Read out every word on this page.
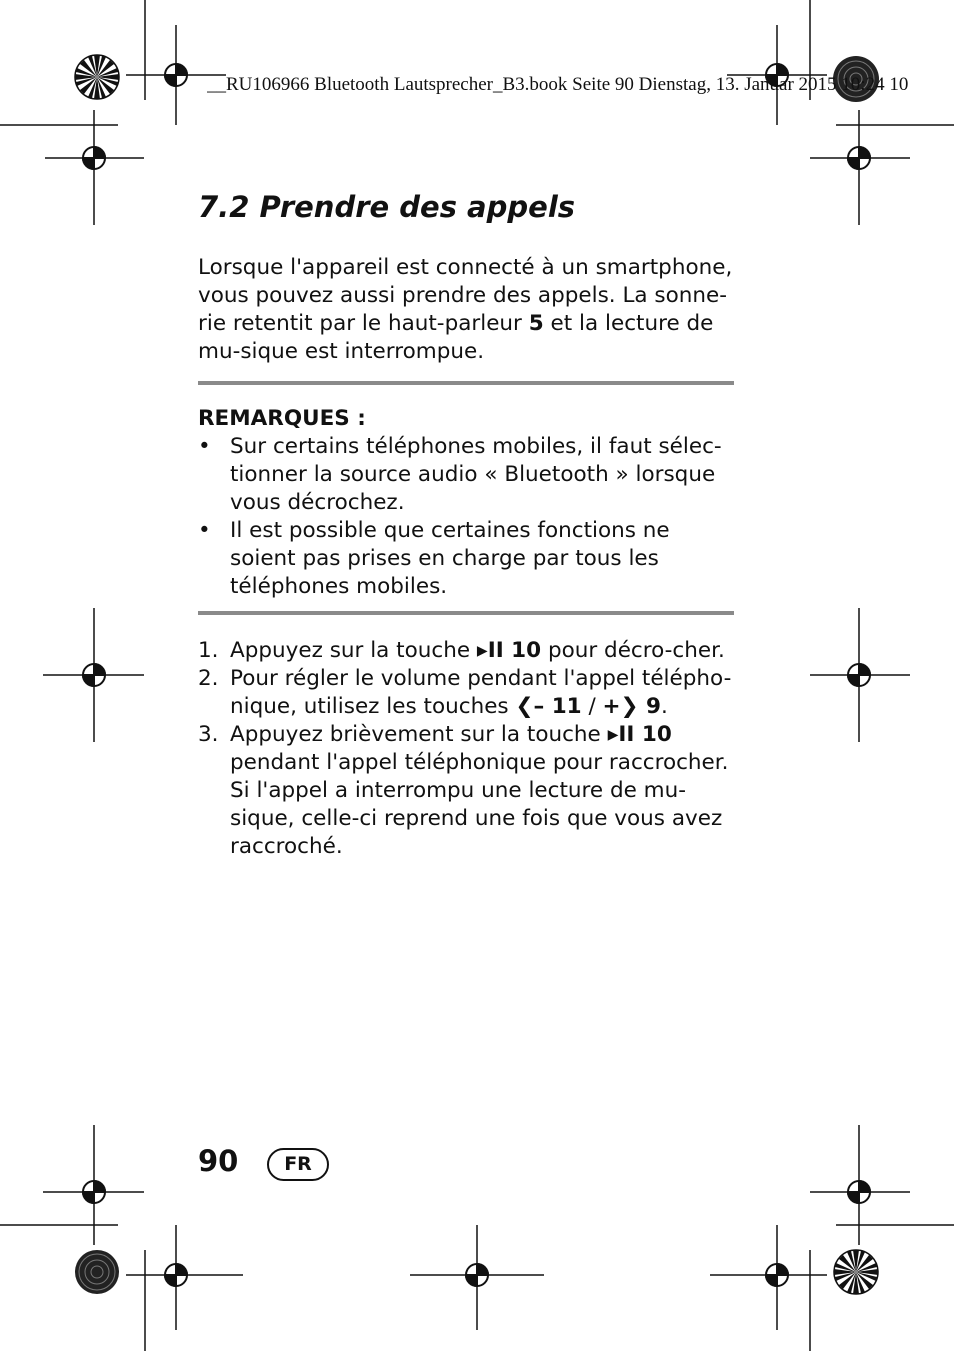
__RU106966 Bluetooth Lautsprecher_B3.book Seite 90 Dienstag, 13. Januar 2015 10:24 10
7.2 Prendre des appels

Lorsque l'appareil est connecté à un smartphone, vous pouvez aussi prendre des appels. La sonne-rie retentit par le haut-parleur 5 et la lecture de mu-sique est interrompue.

REMARQUES :
• Sur certains téléphones mobiles, il faut sélec-tionner la source audio « Bluetooth » lorsque vous décrochez.
• Il est possible que certaines fonctions ne soient pas prises en charge par tous les téléphones mobiles.
1. Appuyez sur la touche ▸II 10 pour décro-cher.
2. Pour régler le volume pendant l'appel télépho-nique, utilisez les touches ❮– 11 / +❯ 9.
3. Appuyez brièvement sur la touche ▸II 10 pendant l'appel téléphonique pour raccrocher. Si l'appel a interrompu une lecture de mu-sique, celle-ci reprend une fois que vous avez raccroché.
90	FR
